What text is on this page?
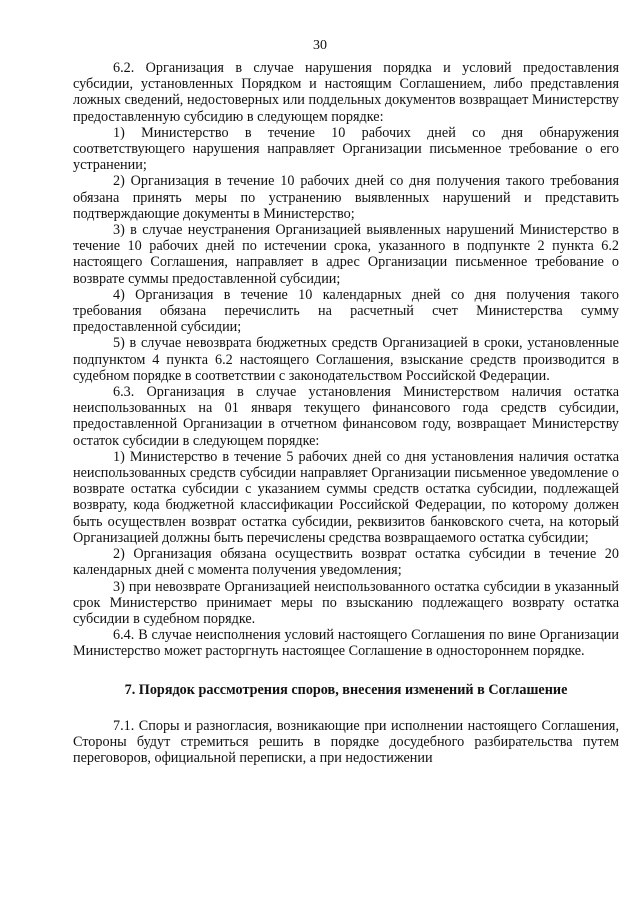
30

6.2. Организация в случае нарушения порядка и условий предоставления субсидии, установленных Порядком и настоящим Соглашением, либо представления ложных сведений, недостоверных или поддельных документов возвращает Министерству предоставленную субсидию в следующем порядке:

1) Министерство в течение 10 рабочих дней со дня обнаружения соответствующего нарушения направляет Организации письменное требование о его устранении;

2) Организация в течение 10 рабочих дней со дня получения такого требования обязана принять меры по устранению выявленных нарушений и представить подтверждающие документы в Министерство;

3) в случае неустранения Организацией выявленных нарушений Министерство в течение 10 рабочих дней по истечении срока, указанного в подпункте 2 пункта 6.2 настоящего Соглашения, направляет в адрес Организации письменное требование о возврате суммы предоставленной субсидии;

4) Организация в течение 10 календарных дней со дня получения такого требования обязана перечислить на расчетный счет Министерства сумму предоставленной субсидии;

5) в случае невозврата бюджетных средств Организацией в сроки, установленные подпунктом 4 пункта 6.2 настоящего Соглашения, взыскание средств производится в судебном порядке в соответствии с законодательством Российской Федерации.

6.3. Организация в случае установления Министерством наличия остатка неиспользованных на 01 января текущего финансового года средств субсидии, предоставленной Организации в отчетном финансовом году, возвращает Министерству остаток субсидии в следующем порядке:

1) Министерство в течение 5 рабочих дней со дня установления наличия остатка неиспользованных средств субсидии направляет Организации письменное уведомление о возврате остатка субсидии с указанием суммы средств остатка субсидии, подлежащей возврату, кода бюджетной классификации Российской Федерации, по которому должен быть осуществлен возврат остатка субсидии, реквизитов банковского счета, на который Организацией должны быть перечислены средства возвращаемого остатка субсидии;

2) Организация обязана осуществить возврат остатка субсидии в течение 20 календарных дней с момента получения уведомления;

3) при невозврате Организацией неиспользованного остатка субсидии в указанный срок Министерство принимает меры по взысканию подлежащего возврату остатка субсидии в судебном порядке.

6.4. В случае неисполнения условий настоящего Соглашения по вине Организации Министерство может расторгнуть настоящее Соглашение в одностороннем порядке.

7. Порядок рассмотрения споров, внесения изменений в Соглашение

7.1. Споры и разногласия, возникающие при исполнении настоящего Соглашения, Стороны будут стремиться решить в порядке досудебного разбирательства путем переговоров, официальной переписки, а при недостижении
